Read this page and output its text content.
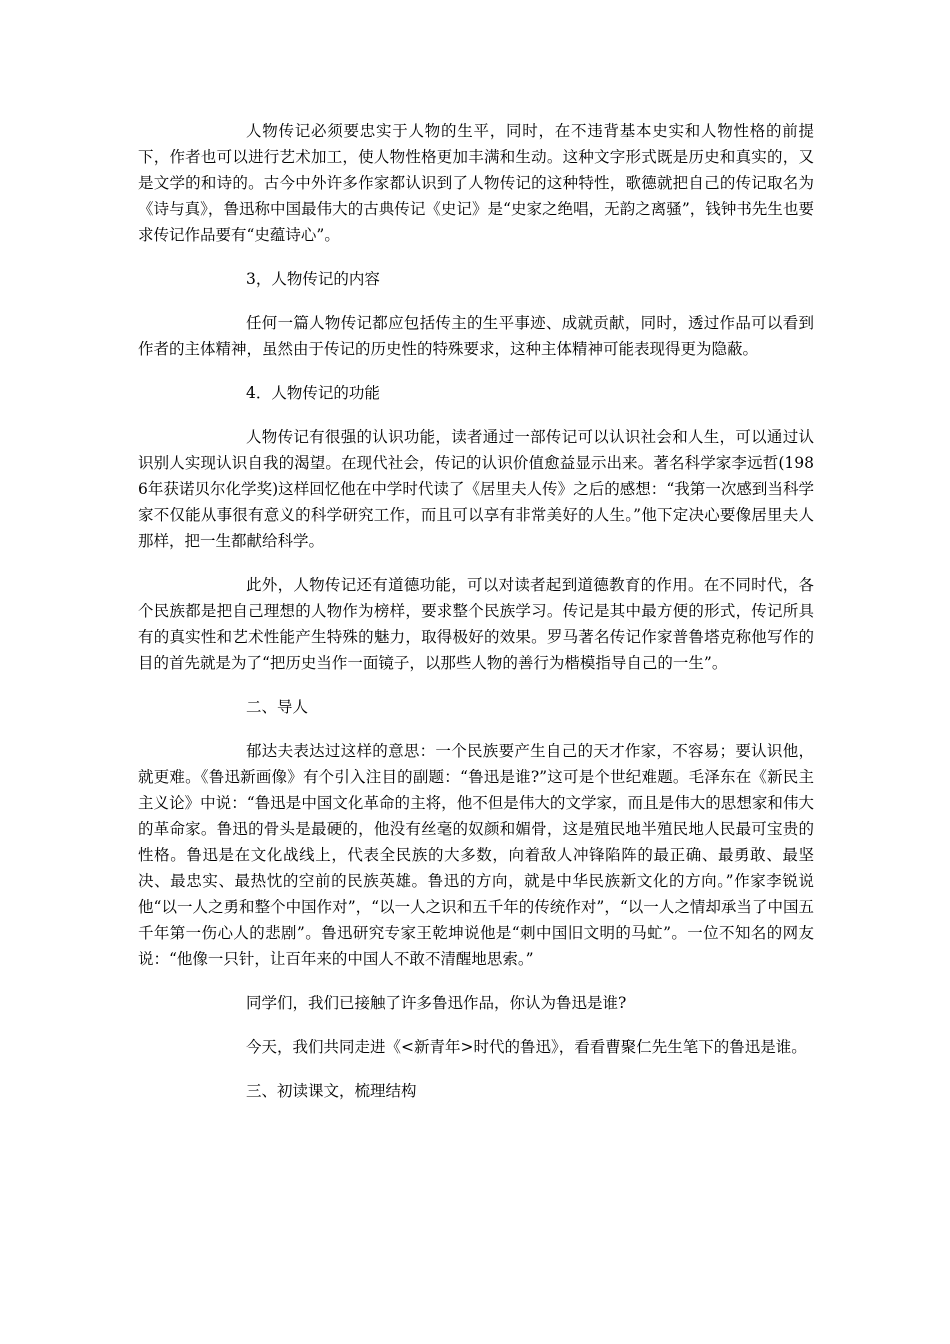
人物传记必须要忠实于人物的生平，同时，在不违背基本史实和人物性格的前提下，作者也可以进行艺术加工，使人物性格更加丰满和生动。这种文字形式既是历史和真实的，又是文学的和诗的。古今中外许多作家都认识到了人物传记的这种特性，歌德就把自己的传记取名为《诗与真》，鲁迅称中国最伟大的古典传记《史记》是“史家之绝唱，无韵之离骚”，钱钟书先生也要求传记作品要有“史蕴诗心”。

3，人物传记的内容

任何一篇人物传记都应包括传主的生平事迹、成就贡献，同时，透过作品可以看到作者的主体精神，虽然由于传记的历史性的特殊要求，这种主体精神可能表现得更为隐蔽。

4．人物传记的功能

人物传记有很强的认识功能，读者通过一部传记可以认识社会和人生，可以通过认识别人实现认识自我的渴望。在现代社会，传记的认识价值愈益显示出来。著名科学家李远哲(1986年获诺贝尔化学奖)这样回忆他在中学时代读了《居里夫人传》之后的感想：“我第一次感到当科学家不仅能从事很有意义的科学研究工作，而且可以享有非常美好的人生。”他下定决心要像居里夫人那样，把一生都献给科学。

此外，人物传记还有道德功能，可以对读者起到道德教育的作用。在不同时代，各个民族都是把自己理想的人物作为榜样，要求整个民族学习。传记是其中最方便的形式，传记所具有的真实性和艺术性能产生特殊的魅力，取得极好的效果。罗马著名传记作家普鲁塔克称他写作的目的首先就是为了“把历史当作一面镜子，以那些人物的善行为楷模指导自己的一生”。

二、导人

郁达夫表达过这样的意思：一个民族要产生自己的天才作家，不容易；要认识他，就更难。《鲁迅新画像》有个引入注目的副题：“鲁迅是谁?”这可是个世纪难题。毛泽东在《新民主主义论》中说：“鲁迅是中国文化革命的主将，他不但是伟大的文学家，而且是伟大的思想家和伟大的革命家。鲁迅的骨头是最硬的，他没有丝毫的奴颜和媚骨，这是殖民地半殖民地人民最可宝贵的性格。鲁迅是在文化战线上，代表全民族的大多数，向着敌人冲锋陷阵的最正确、最勇敢、最坚决、最忠实、最热忱的空前的民族英雄。鲁迅的方向，就是中华民族新文化的方向。”作家李锐说他“以一人之勇和整个中国作对”，“以一人之识和五千年的传统作对”，“以一人之情却承当了中国五千年第一伤心人的悲剧”。鲁迅研究专家王乾坤说他是“刺中国旧文明的马虻”。一位不知名的网友说：“他像一只针，让百年来的中国人不敢不清醒地思索。”

同学们，我们已接触了许多鲁迅作品，你认为鲁迅是谁?

今天，我们共同走进《<新青年>时代的鲁迅》，看看曹聚仁先生笔下的鲁迅是谁。

三、初读课文，梳理结构
